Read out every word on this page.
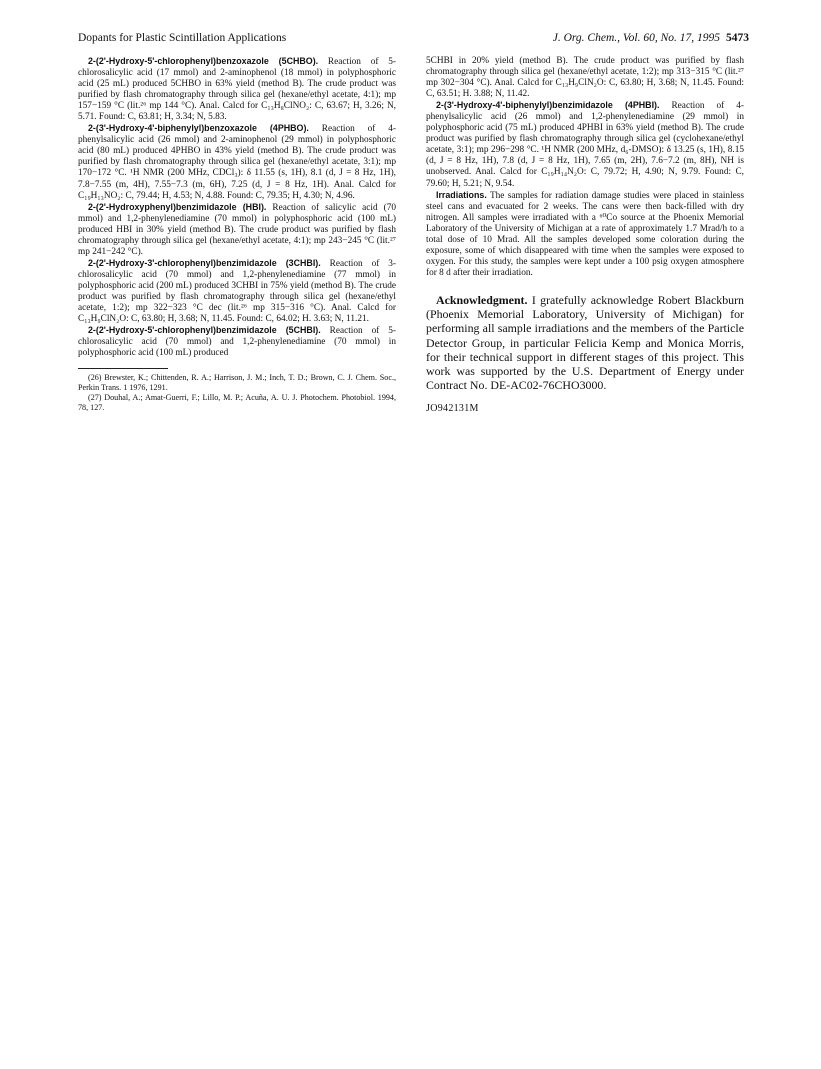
Dopants for Plastic Scintillation Applications	J. Org. Chem., Vol. 60, No. 17, 1995 5473

2-(2'-Hydroxy-5'-chlorophenyl)benzoxazole (5CHBO). Reaction of 5-chlorosalicylic acid (17 mmol) and 2-aminophenol (18 mmol) in polyphosphoric acid (25 mL) produced 5CHBO in 63% yield (method B). The crude product was purified by flash chromatography through silica gel (hexane/ethyl acetate, 4:1); mp 157−159 °C (lit.²⁶ mp 144 °C). Anal. Calcd for C₁₃H₈ClNO₂: C, 63.67; H, 3.26; N, 5.71. Found: C, 63.81; H, 3.34; N, 5.83.

2-(3'-Hydroxy-4'-biphenylyl)benzoxazole (4PHBO). Reaction of 4-phenylsalicylic acid (26 mmol) and 2-aminophenol (29 mmol) in polyphosphoric acid (80 mL) produced 4PHBO in 43% yield (method B). The crude product was purified by flash chromatography through silica gel (hexane/ethyl acetate, 3:1); mp 170−172 °C. ¹H NMR (200 MHz, CDCl₃): δ 11.55 (s, 1H), 8.1 (d, J = 8 Hz, 1H), 7.8−7.55 (m, 4H), 7.55−7.3 (m, 6H), 7.25 (d, J = 8 Hz, 1H). Anal. Calcd for C₁₉H₁₃NO₂: C, 79.44; H, 4.53; N, 4.88. Found: C, 79.35; H, 4.30; N, 4.96.

2-(2'-Hydroxyphenyl)benzimidazole (HBI). Reaction of salicylic acid (70 mmol) and 1,2-phenylenediamine (70 mmol) in polyphosphoric acid (100 mL) produced HBI in 30% yield (method B). The crude product was purified by flash chromatography through silica gel (hexane/ethyl acetate, 4:1); mp 243−245 °C (lit.²⁷ mp 241−242 °C).

2-(2'-Hydroxy-3'-chlorophenyl)benzimidazole (3CHBI). Reaction of 3-chlorosalicylic acid (70 mmol) and 1,2-phenylenediamine (77 mmol) in polyphosphoric acid (200 mL) produced 3CHBI in 75% yield (method B). The crude product was purified by flash chromatography through silica gel (hexane/ethyl acetate, 1:2); mp 322−323 °C dec (lit.²⁶ mp 315−316 °C). Anal. Calcd for C₁₃H₉ClN₂O: C, 63.80; H, 3.68; N, 11.45. Found: C, 64.02; H. 3.63; N, 11.21.

2-(2'-Hydroxy-5'-chlorophenyl)benzimidazole (5CHBI). Reaction of 5-chlorosalicylic acid (70 mmol) and 1,2-phenylenediamine (70 mmol) in polyphosphoric acid (100 mL) produced

(26) Brewster, K.; Chittenden, R. A.; Harrison, J. M.; Inch, T. D.; Brown, C. J. Chem. Soc., Perkin Trans. 1 1976, 1291.

(27) Douhal, A.; Amat-Guerri, F.; Lillo, M. P.; Acuña, A. U. J. Photochem. Photobiol. 1994, 78, 127.

5CHBI in 20% yield (method B). The crude product was purified by flash chromatography through silica gel (hexane/ethyl acetate, 1:2); mp 313−315 °C (lit.²⁷ mp 302−304 °C). Anal. Calcd for C₁₃H₉ClN₂O: C, 63.80; H, 3.68; N, 11.45. Found: C, 63.51; H. 3.88; N, 11.42.

2-(3'-Hydroxy-4'-biphenylyl)benzimidazole (4PHBI). Reaction of 4-phenylsalicylic acid (26 mmol) and 1,2-phenylenediamine (29 mmol) in polyphosphoric acid (75 mL) produced 4PHBI in 63% yield (method B). The crude product was purified by flash chromatography through silica gel (cyclohexane/ethyl acetate, 3:1); mp 296−298 °C. ¹H NMR (200 MHz, d₆-DMSO): δ 13.25 (s, 1H), 8.15 (d, J = 8 Hz, 1H), 7.8 (d, J = 8 Hz, 1H), 7.65 (m, 2H), 7.6−7.2 (m, 8H), NH is unobserved. Anal. Calcd for C₁₉H₁₄N₂O: C, 79.72; H, 4.90; N, 9.79. Found: C, 79.60; H, 5.21; N, 9.54.

Irradiations. The samples for radiation damage studies were placed in stainless steel cans and evacuated for 2 weeks. The cans were then back-filled with dry nitrogen. All samples were irradiated with a ⁶⁰Co source at the Phoenix Memorial Laboratory of the University of Michigan at a rate of approximately 1.7 Mrad/h to a total dose of 10 Mrad. All the samples developed some coloration during the exposure, some of which disappeared with time when the samples were exposed to oxygen. For this study, the samples were kept under a 100 psig oxygen atmosphere for 8 d after their irradiation.

Acknowledgment. I gratefully acknowledge Robert Blackburn (Phoenix Memorial Laboratory, University of Michigan) for performing all sample irradiations and the members of the Particle Detector Group, in particular Felicia Kemp and Monica Morris, for their technical support in different stages of this project. This work was supported by the U.S. Department of Energy under Contract No. DE-AC02-76CHO3000.

JO942131M
